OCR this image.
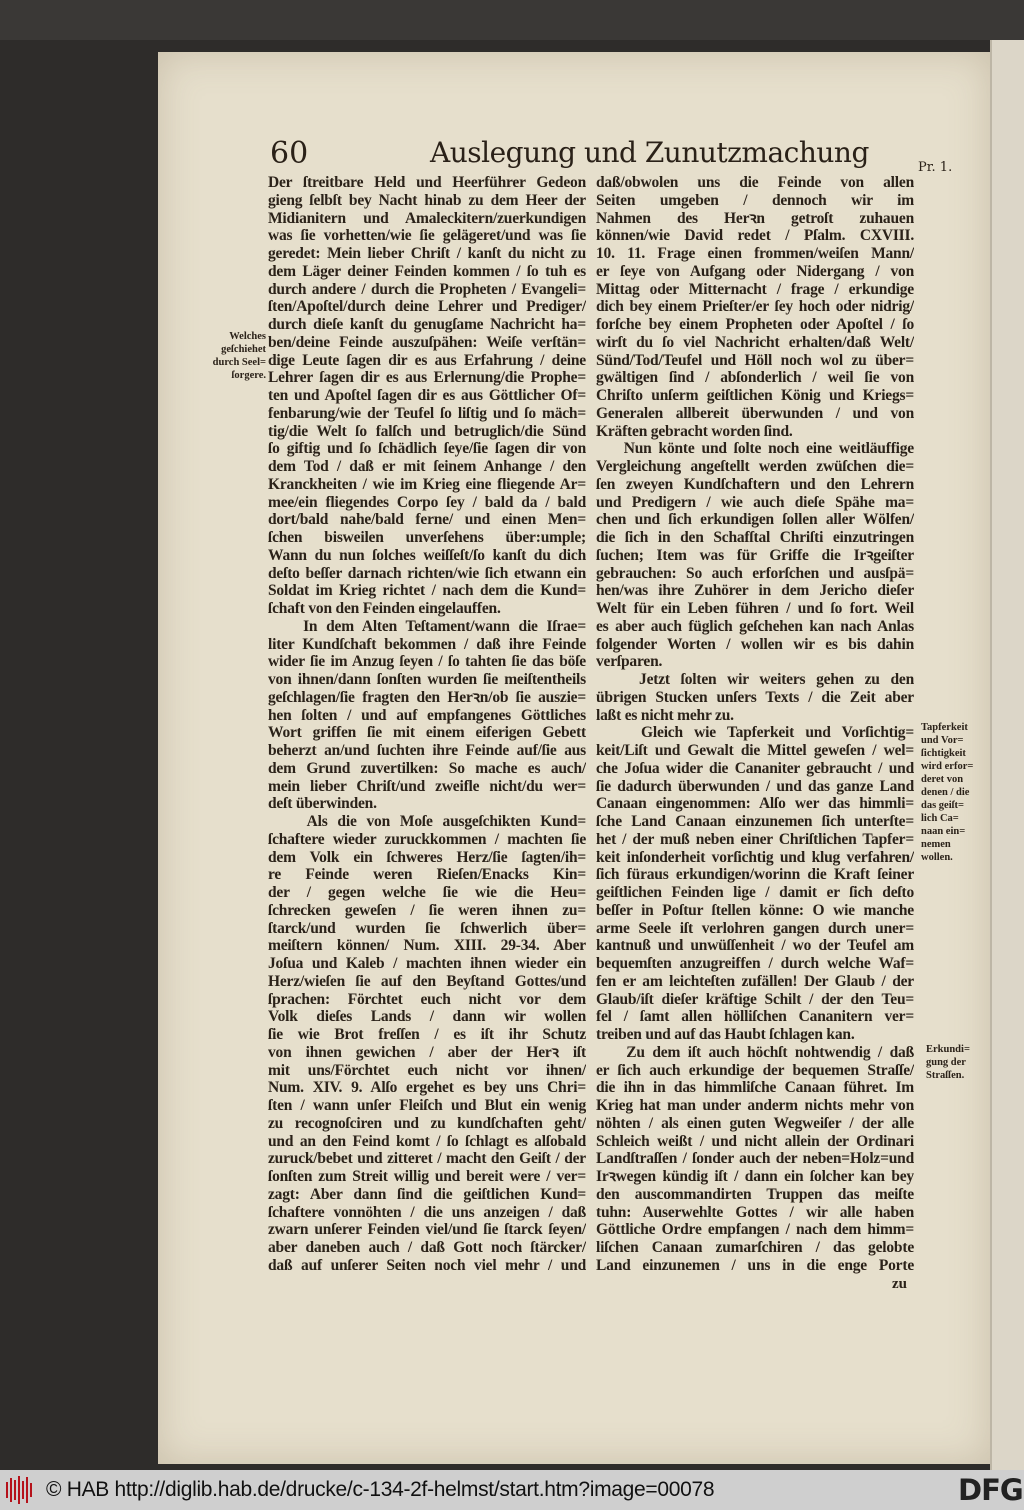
60	Auslegung und Zunutzmachung	Pr. 1.
Der ſtreitbare Held und Heerführer Gedeon
gieng ſelbſt bey Nacht hinab zu dem Heer der
Midianitern und Amaleckitern/zuerkundigen
was ſie vorhetten/wie ſie gelägeret/und was ſie
geredet: Mein lieber Chriſt / kanſt du nicht zu
dem Läger deiner Feinden kommen / ſo tuh es
durch andere / durch die Propheten / Evangeli=
ſten/Apoſtel/durch deine Lehrer und Prediger/
durch dieſe kanſt du genugſame Nachricht ha=
ben/deine Feinde auszuſpähen: Weiſe verſtän=
dige Leute ſagen dir es aus Erfahrung / deine
Lehrer ſagen dir es aus Erlernung/die Prophe=
ten und Apoſtel ſagen dir es aus Göttlicher Of=
fenbarung/wie der Teufel ſo liſtig und ſo mäch=
tig/die Welt ſo falſch und betruglich/die Sünd
ſo giftig und ſo ſchädlich ſeye/ſie ſagen dir von
dem Tod / daß er mit ſeinem Anhange / den
Kranckheiten / wie im Krieg eine fliegende Ar=
mee/ein fliegendes Corpo ſey / bald da / bald
dort/bald nahe/bald ferne/ und einen Men=
ſchen bisweilen unverſehens über:umple;
Wann du nun ſolches weiſſeſt/ſo kanſt du dich
deſto beſſer darnach richten/wie ſich etwann ein
Soldat im Krieg richtet / nach dem die Kund=
ſchaft von den Feinden eingelauffen.
In dem Alten Teſtament/wann die Iſrae=
liter Kundſchaft bekommen / daß ihre Feinde
wider ſie im Anzug ſeyen / ſo tahten ſie das böſe
von ihnen/dann ſonſten wurden ſie meiſtentheils
geſchlagen/ſie fragten den Herꝛn/ob ſie auszie=
hen ſolten / und auf empfangenes Göttliches
Wort griffen ſie mit einem eiferigen Gebett
beherzt an/und ſuchten ihre Feinde auf/ſie aus
dem Grund zuvertilken: So mache es auch/
mein lieber Chriſt/und zweifle nicht/du wer=
deſt überwinden.
Als die von Moſe ausgeſchikten Kund=
ſchaftere wieder zuruckkommen / machten ſie
dem Volk ein ſchweres Herz/ſie ſagten/ih=
re Feinde weren Rieſen/Enacks Kin=
der / gegen welche ſie wie die Heu=
ſchrecken geweſen / ſie weren ihnen zu=
ſtarck/und wurden ſie ſchwerlich über=
meiſtern können/ Num. XIII. 29-34. Aber
Joſua und Kaleb / machten ihnen wieder ein
Herz/wieſen ſie auf den Beyſtand Gottes/und
ſprachen: Förchtet euch nicht vor dem
Volk dieſes Lands / dann wir wollen
ſie wie Brot freſſen / es iſt ihr Schutz
von ihnen gewichen / aber der Herꝛ iſt
mit uns/Förchtet euch nicht vor ihnen/
Num. XIV. 9. Alſo ergehet es bey uns Chri=
ſten / wann unſer Fleiſch und Blut ein wenig
zu recognoſciren und zu kundſchaften geht/
und an den Feind komt / ſo ſchlagt es alſobald
zuruck/bebet und zitteret / macht den Geiſt / der
ſonſten zum Streit willig und bereit were / ver=
zagt: Aber dann ſind die geiſtlichen Kund=
ſchaftere vonnöhten / die uns anzeigen / daß
zwarn unſerer Feinden viel/und ſie ſtarck ſeyen/
aber daneben auch / daß Gott noch ſtärcker/
daß auf unſerer Seiten noch viel mehr / und
daß/obwolen uns die Feinde von allen
Seiten umgeben / dennoch wir im
Nahmen des Herꝛn getroſt zuhauen
können/wie David redet / Pſalm. CXVIII.
10. 11. Frage einen frommen/weiſen Mann/
er ſeye von Aufgang oder Nidergang / von
Mittag oder Mitternacht / frage / erkundige
dich bey einem Prieſter/er ſey hoch oder nidrig/
forſche bey einem Propheten oder Apoſtel / ſo
wirſt du ſo viel Nachricht erhalten/daß Welt/
Sünd/Tod/Teufel und Höll noch wol zu über=
gwältigen ſind / abſonderlich / weil ſie von
Chriſto unſerm geiſtlichen König und Kriegs=
Generalen allbereit überwunden / und von
Kräften gebracht worden ſind.
Nun könte und ſolte noch eine weitläuffige
Vergleichung angeſtellt werden zwüſchen die=
ſen zweyen Kundſchaftern und den Lehrern
und Predigern / wie auch dieſe Spähe ma=
chen und ſich erkundigen ſollen aller Wölfen/
die ſich in den Schafſtal Chriſti einzutringen
ſuchen; Item was für Griffe die Irꝛgeiſter
gebrauchen: So auch erforſchen und ausſpä=
hen/was ihre Zuhörer in dem Jericho dieſer
Welt für ein Leben führen / und ſo fort. Weil
es aber auch füglich geſchehen kan nach Anlas
folgender Worten / wollen wir es bis dahin
verſparen.
Jetzt ſolten wir weiters gehen zu den
übrigen Stucken unſers Texts / die Zeit aber
laßt es nicht mehr zu.
Gleich wie Tapferkeit und Vorſichtig=
keit/Liſt und Gewalt die Mittel geweſen / wel=
che Joſua wider die Cananiter gebraucht / und
ſie dadurch überwunden / und das ganze Land
Canaan eingenommen: Alſo wer das himmli=
ſche Land Canaan einzunemen ſich unterſte=
het / der muß neben einer Chriſtlichen Tapfer=
keit inſonderheit vorſichtig und klug verfahren/
ſich füraus erkundigen/worinn die Kraft ſeiner
geiſtlichen Feinden lige / damit er ſich deſto
beſſer in Poſtur ſtellen könne: O wie manche
arme Seele iſt verlohren gangen durch uner=
kantnuß und unwüſſenheit / wo der Teufel am
bequemſten anzugreiffen / durch welche Waf=
fen er am leichteſten zufällen! Der Glaub / der
Glaub/iſt dieſer kräftige Schilt / der den Teu=
fel / ſamt allen hölliſchen Cananitern ver=
treiben und auf das Haubt ſchlagen kan.
Zu dem iſt auch höchſt nohtwendig / daß
er ſich auch erkundige der bequemen Straſſe/
die ihn in das himmliſche Canaan führet. Im
Krieg hat man under anderm nichts mehr von
nöhten / als einen guten Wegweiſer / der alle
Schleich weißt / und nicht allein der Ordinari
Landſtraſſen / ſonder auch der neben=Holz=und
Irꝛwegen kündig iſt / dann ein ſolcher kan bey
den auscommandirten Truppen das meiſte
tuhn: Auserwehlte Gottes / wir alle haben
Göttliche Ordre empfangen / nach dem himm=
liſchen Canaan zumarſchiren / das gelobte
Land einzunemen / uns in die enge Porte
Welches
geſchiehet
durch Seel=
ſorgere.
Tapferkeit
und Vor=
ſichtigkeit
wird erfor=
deret von
denen / die
das geiſt=
lich Ca=
naan ein=
nemen
wollen.
Erkundi=
gung der
Straſſen.
zu
© HAB http://diglib.hab.de/drucke/c-134-2f-helmst/start.htm?image=00078	DFG
